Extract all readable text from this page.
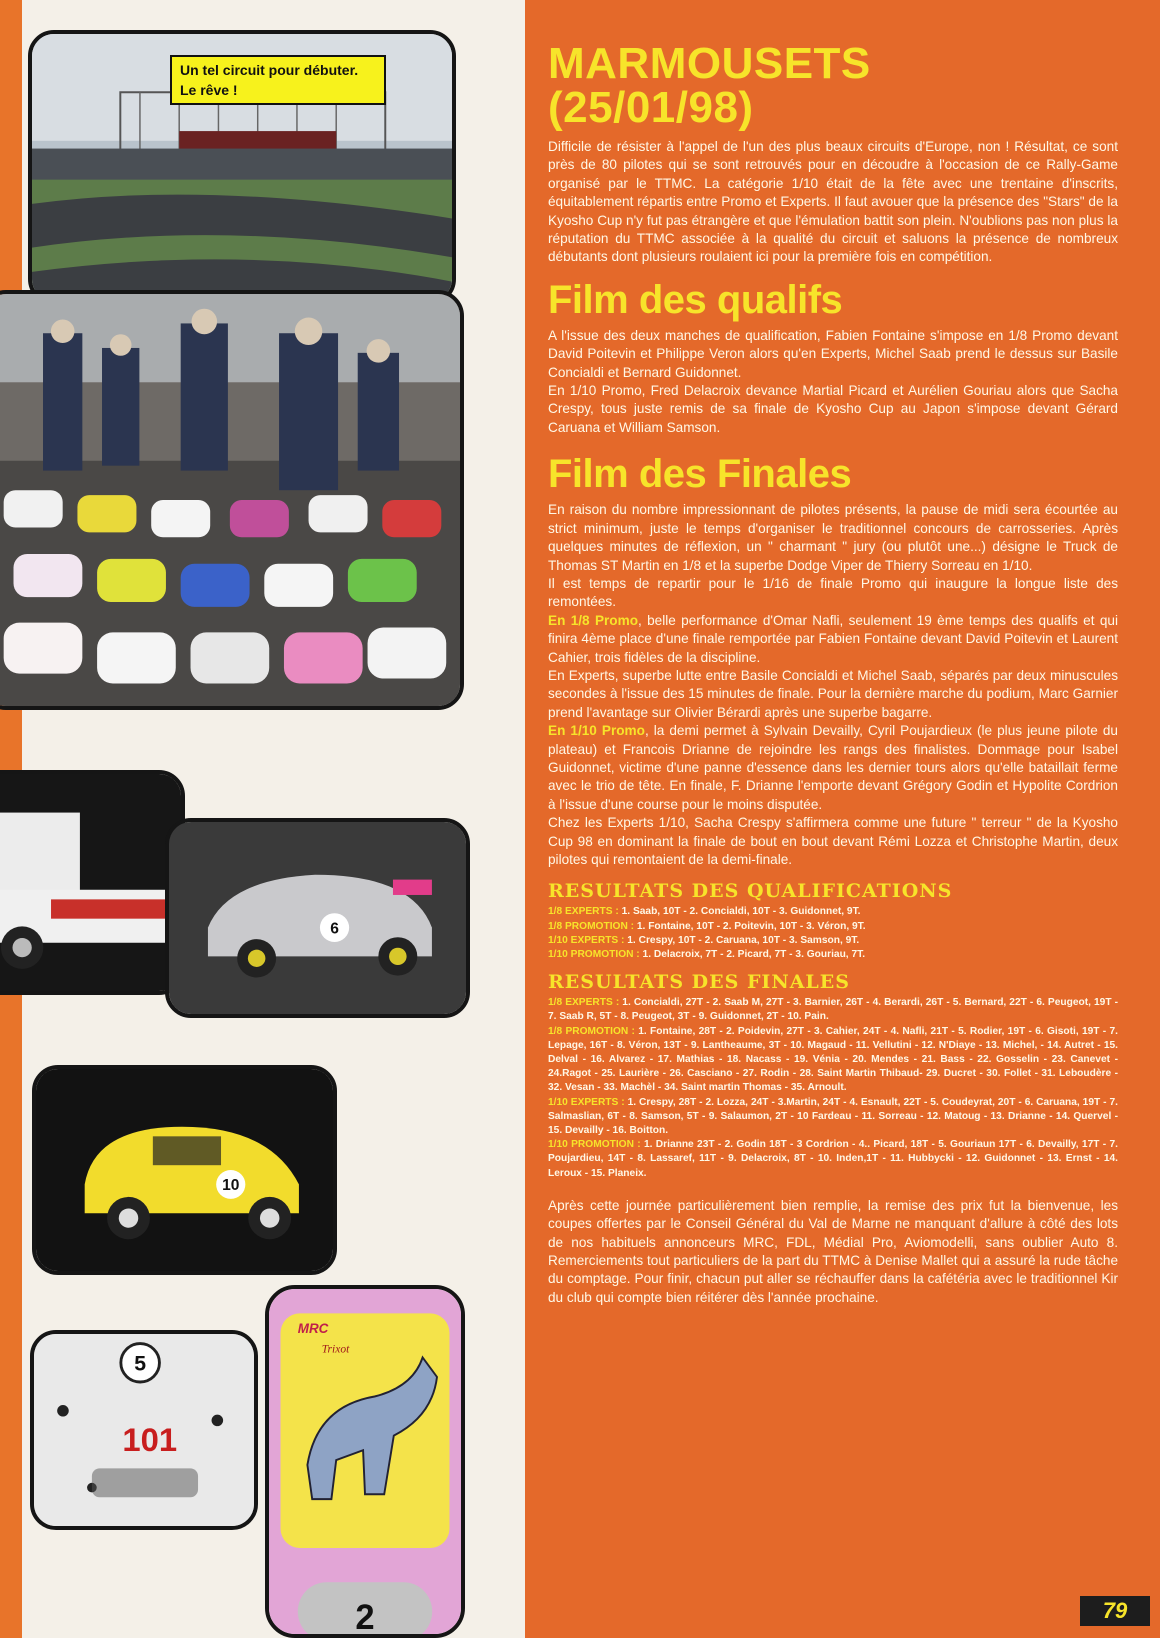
Un tel circuit pour débuter.
Le rêve !
6
10
5
101
MRC
Trixot
2
MARMOUSETS
(25/01/98)

Difficile de résister à l'appel de l'un des plus beaux circuits d'Europe, non ! Résultat, ce sont près de 80 pilotes qui se sont retrouvés pour en découdre à l'occasion de ce Rally-Game organisé par le TTMC. La catégorie 1/10 était de la fête avec une trentaine d'inscrits, équitablement répartis entre Promo et Experts. Il faut avouer que la présence des "Stars" de la Kyosho Cup n'y fut pas étrangère et que l'émulation battit son plein. N'oublions pas non plus la réputation du TTMC associée à la qualité du circuit et saluons la présence de nombreux débutants dont plusieurs roulaient ici pour la première fois en compétition.

Film des qualifs

A l'issue des deux manches de qualification, Fabien Fontaine s'impose en 1/8 Promo devant David Poitevin et Philippe Veron alors qu'en Experts, Michel Saab prend le dessus sur Basile Concialdi et Bernard Guidonnet.

En 1/10 Promo, Fred Delacroix devance Martial Picard et Aurélien Gouriau alors que Sacha Crespy, tous juste remis de sa finale de Kyosho Cup au Japon s'impose devant Gérard Caruana et William Samson.

Film des Finales

En raison du nombre impressionnant de pilotes présents, la pause de midi sera écourtée au strict minimum, juste le temps d'organiser le traditionnel concours de carrosseries. Après quelques minutes de réflexion, un " charmant " jury (ou plutôt une...) désigne le Truck de Thomas ST Martin en 1/8 et la superbe Dodge Viper de Thierry Sorreau en 1/10.

Il est temps de repartir pour le 1/16 de finale Promo qui inaugure la longue liste des remontées.

En 1/8 Promo, belle performance d'Omar Nafli, seulement 19 ème temps des qualifs et qui finira 4ème place d'une finale remportée par Fabien Fontaine devant David Poitevin et Laurent Cahier, trois fidèles de la discipline.

En Experts, superbe lutte entre Basile Concialdi et Michel Saab, séparés par deux minuscules secondes à l'issue des 15 minutes de finale. Pour la dernière marche du podium, Marc Garnier prend l'avantage sur Olivier Bérardi après une superbe bagarre.

En 1/10 Promo, la demi permet à Sylvain Devailly, Cyril Poujardieux (le plus jeune pilote du plateau) et Francois Drianne de rejoindre les rangs des finalistes. Dommage pour Isabel Guidonnet, victime d'une panne d'essence dans les dernier tours alors qu'elle bataillait ferme avec le trio de tête. En finale, F. Drianne l'emporte devant Grégory Godin et Hypolite Cordrion à l'issue d'une course pour le moins disputée.

Chez les Experts 1/10, Sacha Crespy s'affirmera comme une future " terreur " de la Kyosho Cup 98 en dominant la finale de bout en bout devant Rémi Lozza et Christophe Martin, deux pilotes qui remontaient de la demi-finale.

RESULTATS DES QUALIFICATIONS

1/8 EXPERTS : 1. Saab, 10T - 2. Concialdi, 10T - 3. Guidonnet, 9T.

1/8 PROMOTION : 1. Fontaine, 10T - 2. Poitevin, 10T - 3. Véron, 9T.

1/10 EXPERTS : 1. Crespy, 10T - 2. Caruana, 10T - 3. Samson, 9T.

1/10 PROMOTION : 1. Delacroix, 7T - 2. Picard, 7T - 3. Gouriau, 7T.

RESULTATS DES FINALES

1/8 EXPERTS : 1. Concialdi, 27T - 2. Saab M, 27T - 3. Barnier, 26T - 4. Berardi, 26T - 5. Bernard, 22T - 6. Peugeot, 19T - 7. Saab R, 5T - 8. Peugeot, 3T - 9. Guidonnet, 2T - 10. Pain.

1/8 PROMOTION : 1. Fontaine, 28T - 2. Poidevin, 27T - 3. Cahier, 24T - 4. Nafli, 21T - 5. Rodier, 19T - 6. Gisoti, 19T - 7. Lepage, 16T - 8. Véron, 13T - 9. Lantheaume, 3T - 10. Magaud - 11. Vellutini - 12. N'Diaye - 13. Michel, - 14. Autret - 15. Delval - 16. Alvarez - 17. Mathias - 18. Nacass - 19. Vénia - 20. Mendes - 21. Bass - 22. Gosselin - 23. Canevet - 24.Ragot - 25. Laurière - 26. Casciano - 27. Rodin - 28. Saint Martin Thibaud- 29. Ducret - 30. Follet - 31. Leboudère - 32. Vesan - 33. Machèl - 34. Saint martin Thomas - 35. Arnoult.

1/10 EXPERTS : 1. Crespy, 28T - 2. Lozza, 24T - 3.Martin, 24T - 4. Esnault, 22T - 5. Coudeyrat, 20T - 6. Caruana, 19T - 7. Salmaslian, 6T - 8. Samson, 5T - 9. Salaumon, 2T - 10 Fardeau - 11. Sorreau - 12. Matoug - 13. Drianne - 14. Quervel - 15. Devailly - 16. Boitton.

1/10 PROMOTION : 1. Drianne 23T - 2. Godin 18T - 3 Cordrion - 4.. Picard, 18T - 5. Gouriaun 17T - 6. Devailly, 17T - 7. Poujardieu, 14T - 8. Lassaref, 11T - 9. Delacroix, 8T - 10. Inden,1T - 11. Hubbycki - 12. Guidonnet - 13. Ernst - 14. Leroux - 15. Planeix.

Après cette journée particulièrement bien remplie, la remise des prix fut la bienvenue, les coupes offertes par le Conseil Général du Val de Marne ne manquant d'allure à côté des lots de nos habituels annonceurs MRC, FDL, Médial Pro, Aviomodelli, sans oublier Auto 8. Remerciements tout particuliers de la part du TTMC à Denise Mallet qui a assuré la rude tâche du comptage. Pour finir, chacun put aller se réchauffer dans la cafétéria avec le traditionnel Kir du club qui compte bien réitérer dès l'année prochaine.

79
